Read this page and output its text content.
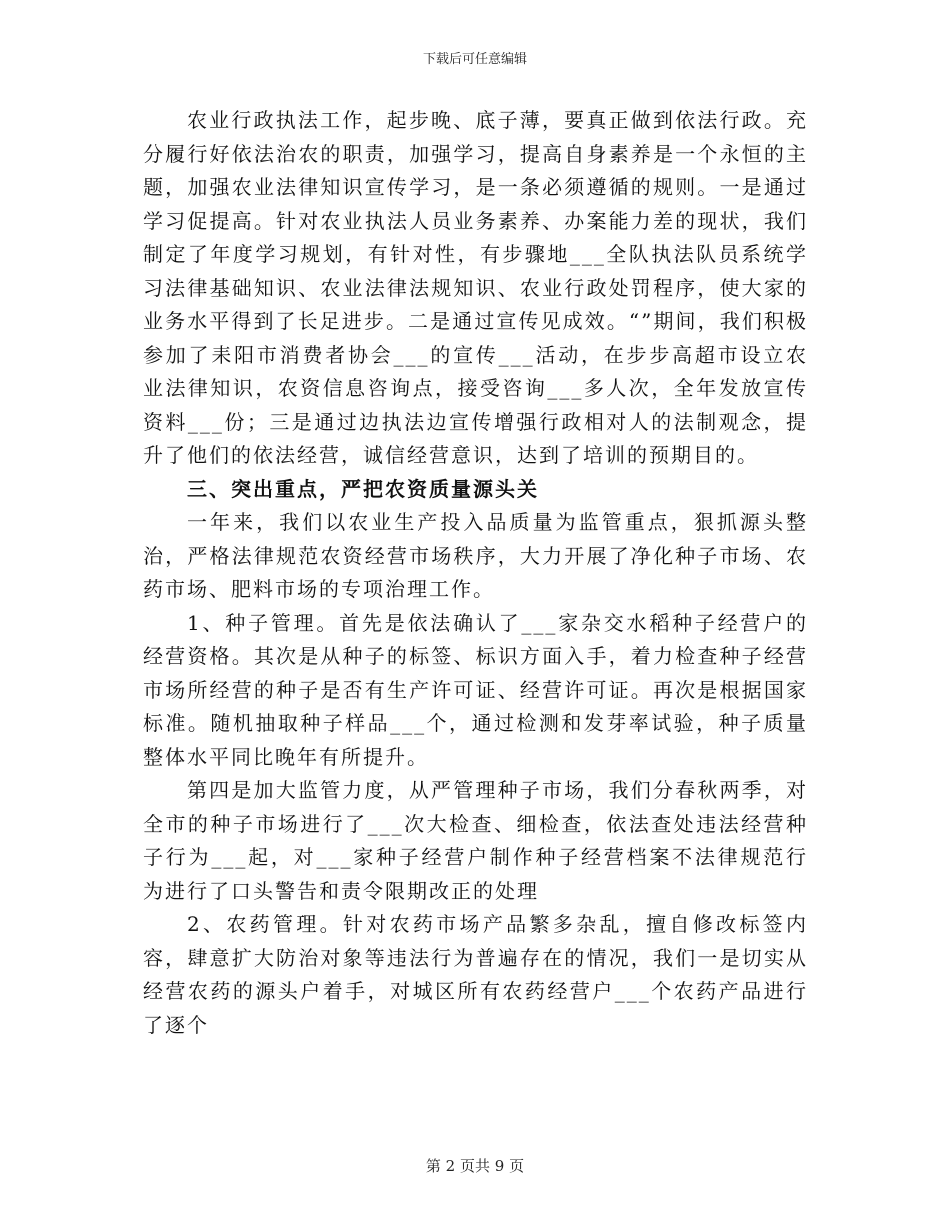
下载后可任意编辑

农业行政执法工作，起步晚、底子薄，要真正做到依法行政。充分履行好依法治农的职责，加强学习，提高自身素养是一个永恒的主题，加强农业法律知识宣传学习，是一条必须遵循的规则。一是通过学习促提高。针对农业执法人员业务素养、办案能力差的现状，我们制定了年度学习规划，有针对性，有步骤地___全队执法队员系统学习法律基础知识、农业法律法规知识、农业行政处罚程序，使大家的业务水平得到了长足进步。二是通过宣传见成效。“”期间，我们积极参加了耒阳市消费者协会___的宣传___活动，在步步高超市设立农业法律知识，农资信息咨询点，接受咨询___多人次，全年发放宣传资料___份；三是通过边执法边宣传增强行政相对人的法制观念，提升了他们的依法经营，诚信经营意识，达到了培训的预期目的。

三、突出重点，严把农资质量源头关

一年来，我们以农业生产投入品质量为监管重点，狠抓源头整治，严格法律规范农资经营市场秩序，大力开展了净化种子市场、农药市场、肥料市场的专项治理工作。

1、种子管理。首先是依法确认了___家杂交水稻种子经营户的经营资格。其次是从种子的标签、标识方面入手，着力检查种子经营市场所经营的种子是否有生产许可证、经营许可证。再次是根据国家标准。随机抽取种子样品___个，通过检测和发芽率试验，种子质量整体水平同比晚年有所提升。

第四是加大监管力度，从严管理种子市场，我们分春秋两季，对全市的种子市场进行了___次大检查、细检查，依法查处违法经营种子行为___起，对___家种子经营户制作种子经营档案不法律规范行为进行了口头警告和责令限期改正的处理

2、农药管理。针对农药市场产品繁多杂乱，擅自修改标签内容，肆意扩大防治对象等违法行为普遍存在的情况，我们一是切实从经营农药的源头户着手，对城区所有农药经营户___个农药产品进行了逐个

第 2 页共 9 页
